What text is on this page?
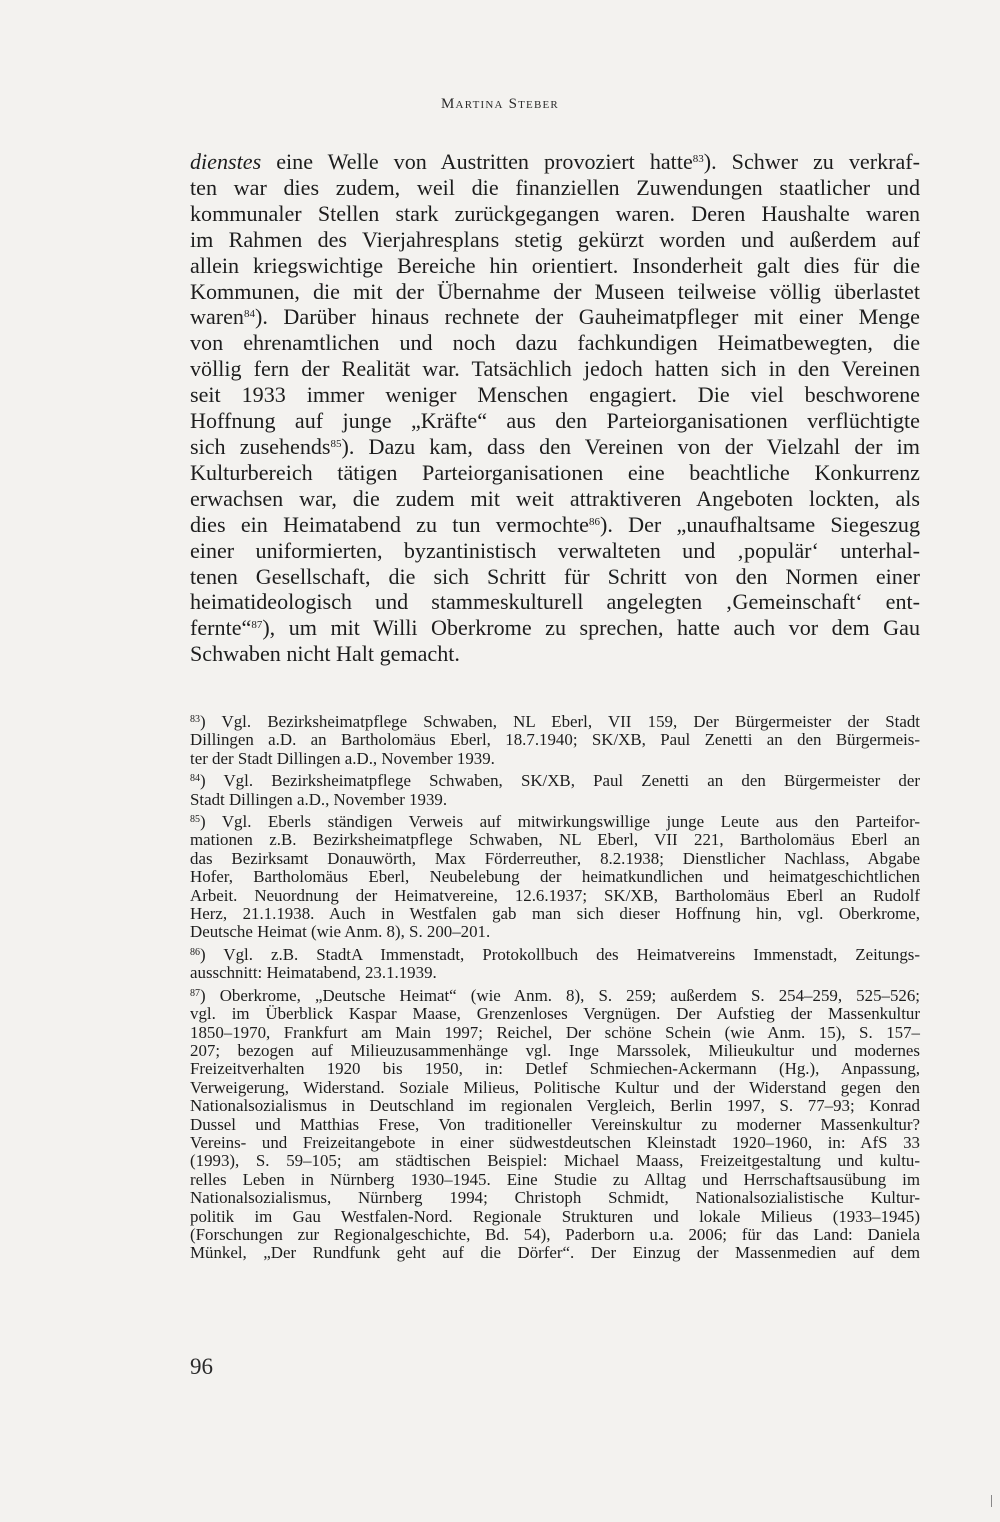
Martina Steber
dienstes eine Welle von Austritten provoziert hatte$^{83}$). Schwer zu verkraf-
ten war dies zudem, weil die finanziellen Zuwendungen staatlicher und
kommunaler Stellen stark zurückgegangen waren. Deren Haushalte waren
im Rahmen des Vierjahresplans stetig gekürzt worden und außerdem auf
allein kriegswichtige Bereiche hin orientiert. Insonderheit galt dies für die
Kommunen, die mit der Übernahme der Museen teilweise völlig überlastet
waren$^{84}$). Darüber hinaus rechnete der Gauheimatpfleger mit einer Menge
von ehrenamtlichen und noch dazu fachkundigen Heimatbewegten, die
völlig fern der Realität war. Tatsächlich jedoch hatten sich in den Vereinen
seit 1933 immer weniger Menschen engagiert. Die viel beschworene
Hoffnung auf junge „Kräfte“ aus den Parteiorganisationen verflüchtigte
sich zusehends$^{85}$). Dazu kam, dass den Vereinen von der Vielzahl der im
Kulturbereich tätigen Parteiorganisationen eine beachtliche Konkurrenz
erwachsen war, die zudem mit weit attraktiveren Angeboten lockten, als
dies ein Heimatabend zu tun vermochte$^{86}$). Der „unaufhaltsame Siegeszug
einer uniformierten, byzantinistisch verwalteten und ‚populär‘ unterhal-
tenen Gesellschaft, die sich Schritt für Schritt von den Normen einer
heimatideologisch und stammeskulturell angelegten ‚Gemeinschaft‘ ent-
fernte“$^{87}$), um mit Willi Oberkrome zu sprechen, hatte auch vor dem Gau
Schwaben nicht Halt gemacht.
$^{83}$) Vgl. Bezirksheimatpflege Schwaben, NL Eberl, VII 159, Der Bürgermeister der Stadt
Dillingen a.D. an Bartholomäus Eberl, 18.7.1940; SK/XB, Paul Zenetti an den Bürgermeis-
ter der Stadt Dillingen a.D., November 1939.
$^{84}$) Vgl. Bezirksheimatpflege Schwaben, SK/XB, Paul Zenetti an den Bürgermeister der
Stadt Dillingen a.D., November 1939.
$^{85}$) Vgl. Eberls ständigen Verweis auf mitwirkungswillige junge Leute aus den Parteifor-
mationen z.B. Bezirksheimatpflege Schwaben, NL Eberl, VII 221, Bartholomäus Eberl an
das Bezirksamt Donauwörth, Max Förderreuther, 8.2.1938; Dienstlicher Nachlass, Abgabe
Hofer, Bartholomäus Eberl, Neubelebung der heimatkundlichen und heimatgeschichtlichen
Arbeit. Neuordnung der Heimatvereine, 12.6.1937; SK/XB, Bartholomäus Eberl an Rudolf
Herz, 21.1.1938. Auch in Westfalen gab man sich dieser Hoffnung hin, vgl. Oberkrome,
Deutsche Heimat (wie Anm. 8), S. 200–201.
$^{86}$) Vgl. z.B. StadtA Immenstadt, Protokollbuch des Heimatvereins Immenstadt, Zeitungs-
ausschnitt: Heimatabend, 23.1.1939.
$^{87}$) Oberkrome, „Deutsche Heimat“ (wie Anm. 8), S. 259; außerdem S. 254–259, 525–526;
vgl. im Überblick Kaspar Maase, Grenzenloses Vergnügen. Der Aufstieg der Massenkultur
1850–1970, Frankfurt am Main 1997; Reichel, Der schöne Schein (wie Anm. 15), S. 157–
207; bezogen auf Milieuzusammenhänge vgl. Inge Marssolek, Milieukultur und modernes
Freizeitverhalten 1920 bis 1950, in: Detlef Schmiechen-Ackermann (Hg.), Anpassung,
Verweigerung, Widerstand. Soziale Milieus, Politische Kultur und der Widerstand gegen den
Nationalsozialismus in Deutschland im regionalen Vergleich, Berlin 1997, S. 77–93; Konrad
Dussel und Matthias Frese, Von traditioneller Vereinskultur zu moderner Massenkultur?
Vereins- und Freizeitangebote in einer südwestdeutschen Kleinstadt 1920–1960, in: AfS 33
(1993), S. 59–105; am städtischen Beispiel: Michael Maass, Freizeitgestaltung und kultu-
relles Leben in Nürnberg 1930–1945. Eine Studie zu Alltag und Herrschaftsausübung im
Nationalsozialismus, Nürnberg 1994; Christoph Schmidt, Nationalsozialistische Kultur-
politik im Gau Westfalen-Nord. Regionale Strukturen und lokale Milieus (1933–1945)
(Forschungen zur Regionalgeschichte, Bd. 54), Paderborn u.a. 2006; für das Land: Daniela
Münkel, „Der Rundfunk geht auf die Dörfer“. Der Einzug der Massenmedien auf dem
96
